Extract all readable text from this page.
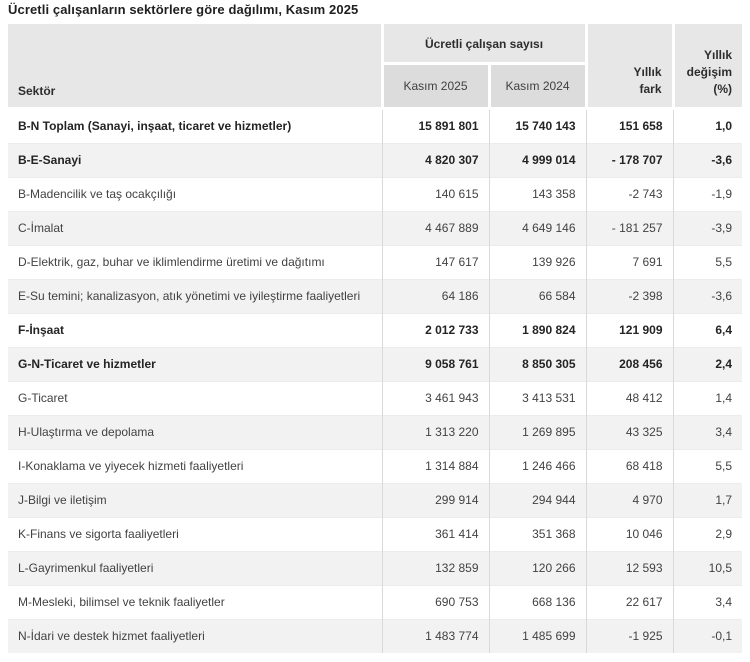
Ücretli çalışanların sektörlere göre dağılımı, Kasım 2025
Sektör	Ücretli çalışan sayısı		Yıllık fark	Yıllık değişim (%)
	Kasım 2025	Kasım 2024		
B-N Toplam (Sanayi, inşaat, ticaret ve hizmetler)	15 891 801	15 740 143	151 658	1,0
B-E-Sanayi	4 820 307	4 999 014	- 178 707	-3,6
B-Madencilik ve taş ocakçılığı	140 615	143 358	-2 743	-1,9
C-İmalat	4 467 889	4 649 146	- 181 257	-3,9
D-Elektrik, gaz, buhar ve iklimlendirme üretimi ve dağıtımı	147 617	139 926	7 691	5,5
E-Su temini; kanalizasyon, atık yönetimi ve iyileştirme faaliyetleri	64 186	66 584	-2 398	-3,6
F-İnşaat	2 012 733	1 890 824	121 909	6,4
G-N-Ticaret ve hizmetler	9 058 761	8 850 305	208 456	2,4
G-Ticaret	3 461 943	3 413 531	48 412	1,4
H-Ulaştırma ve depolama	1 313 220	1 269 895	43 325	3,4
I-Konaklama ve yiyecek hizmeti faaliyetleri	1 314 884	1 246 466	68 418	5,5
J-Bilgi ve iletişim	299 914	294 944	4 970	1,7
K-Finans ve sigorta faaliyetleri	361 414	351 368	10 046	2,9
L-Gayrimenkul faaliyetleri	132 859	120 266	12 593	10,5
M-Mesleki, bilimsel ve teknik faaliyetler	690 753	668 136	22 617	3,4
N-İdari ve destek hizmet faaliyetleri	1 483 774	1 485 699	-1 925	-0,1
